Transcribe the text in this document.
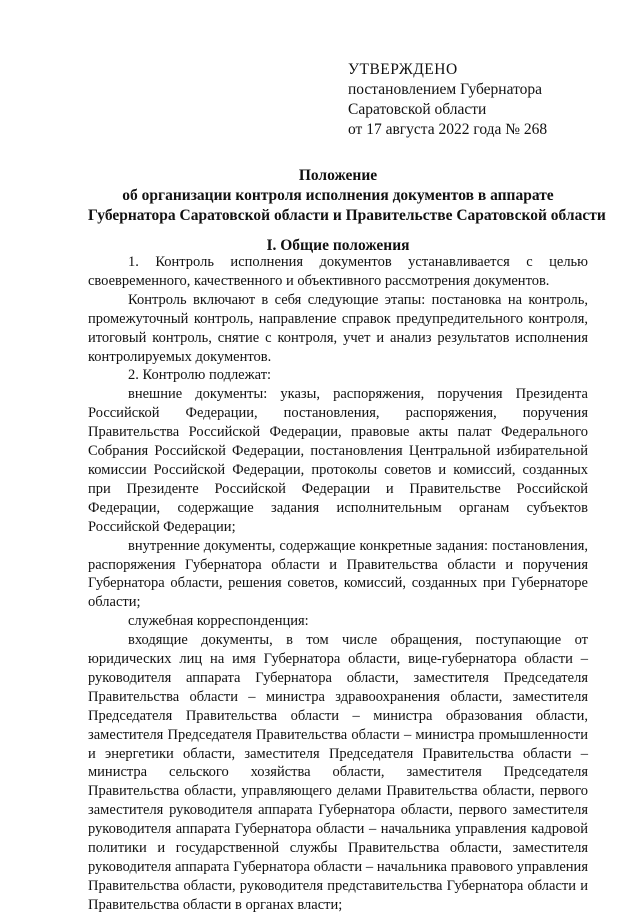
УТВЕРЖДЕНО
постановлением Губернатора
Саратовской области
от 17 августа 2022 года № 268
Положение
об организации контроля исполнения документов в аппарате
Губернатора Саратовской области и Правительстве Саратовской области
I. Общие положения

1. Контроль исполнения документов устанавливается с целью своевременного, качественного и объективного рассмотрения документов.

Контроль включают в себя следующие этапы: постановка на контроль, промежуточный контроль, направление справок предупредительного контроля, итоговый контроль, снятие с контроля, учет и анализ результатов исполнения контролируемых документов.

2. Контролю подлежат:

внешние документы: указы, распоряжения, поручения Президента Российской Федерации, постановления, распоряжения, поручения Правительства Российской Федерации, правовые акты палат Федерального Собрания Российской Федерации, постановления Центральной избирательной комиссии Российской Федерации, протоколы советов и комиссий, созданных при Президенте Российской Федерации и Правительстве Российской Федерации, содержащие задания исполнительным органам субъектов Российской Федерации;

внутренние документы, содержащие конкретные задания: постановления, распоряжения Губернатора области и Правительства области и поручения Губернатора области, решения советов, комиссий, созданных при Губернаторе области;

служебная корреспонденция:

входящие документы, в том числе обращения, поступающие от юридических лиц на имя Губернатора области, вице-губернатора области – руководителя аппарата Губернатора области, заместителя Председателя Правительства области – министра здравоохранения области, заместителя Председателя Правительства области – министра образования области, заместителя Председателя Правительства области – министра промышленности и энергетики области, заместителя Председателя Правительства области – министра сельского хозяйства области, заместителя Председателя Правительства области, управляющего делами Правительства области, первого заместителя руководителя аппарата Губернатора области, первого заместителя руководителя аппарата Губернатора области – начальника управления кадровой политики и государственной службы Правительства области, заместителя руководителя аппарата Губернатора области – начальника правового управления Правительства области, руководителя представительства Губернатора области и Правительства области в органах власти;
